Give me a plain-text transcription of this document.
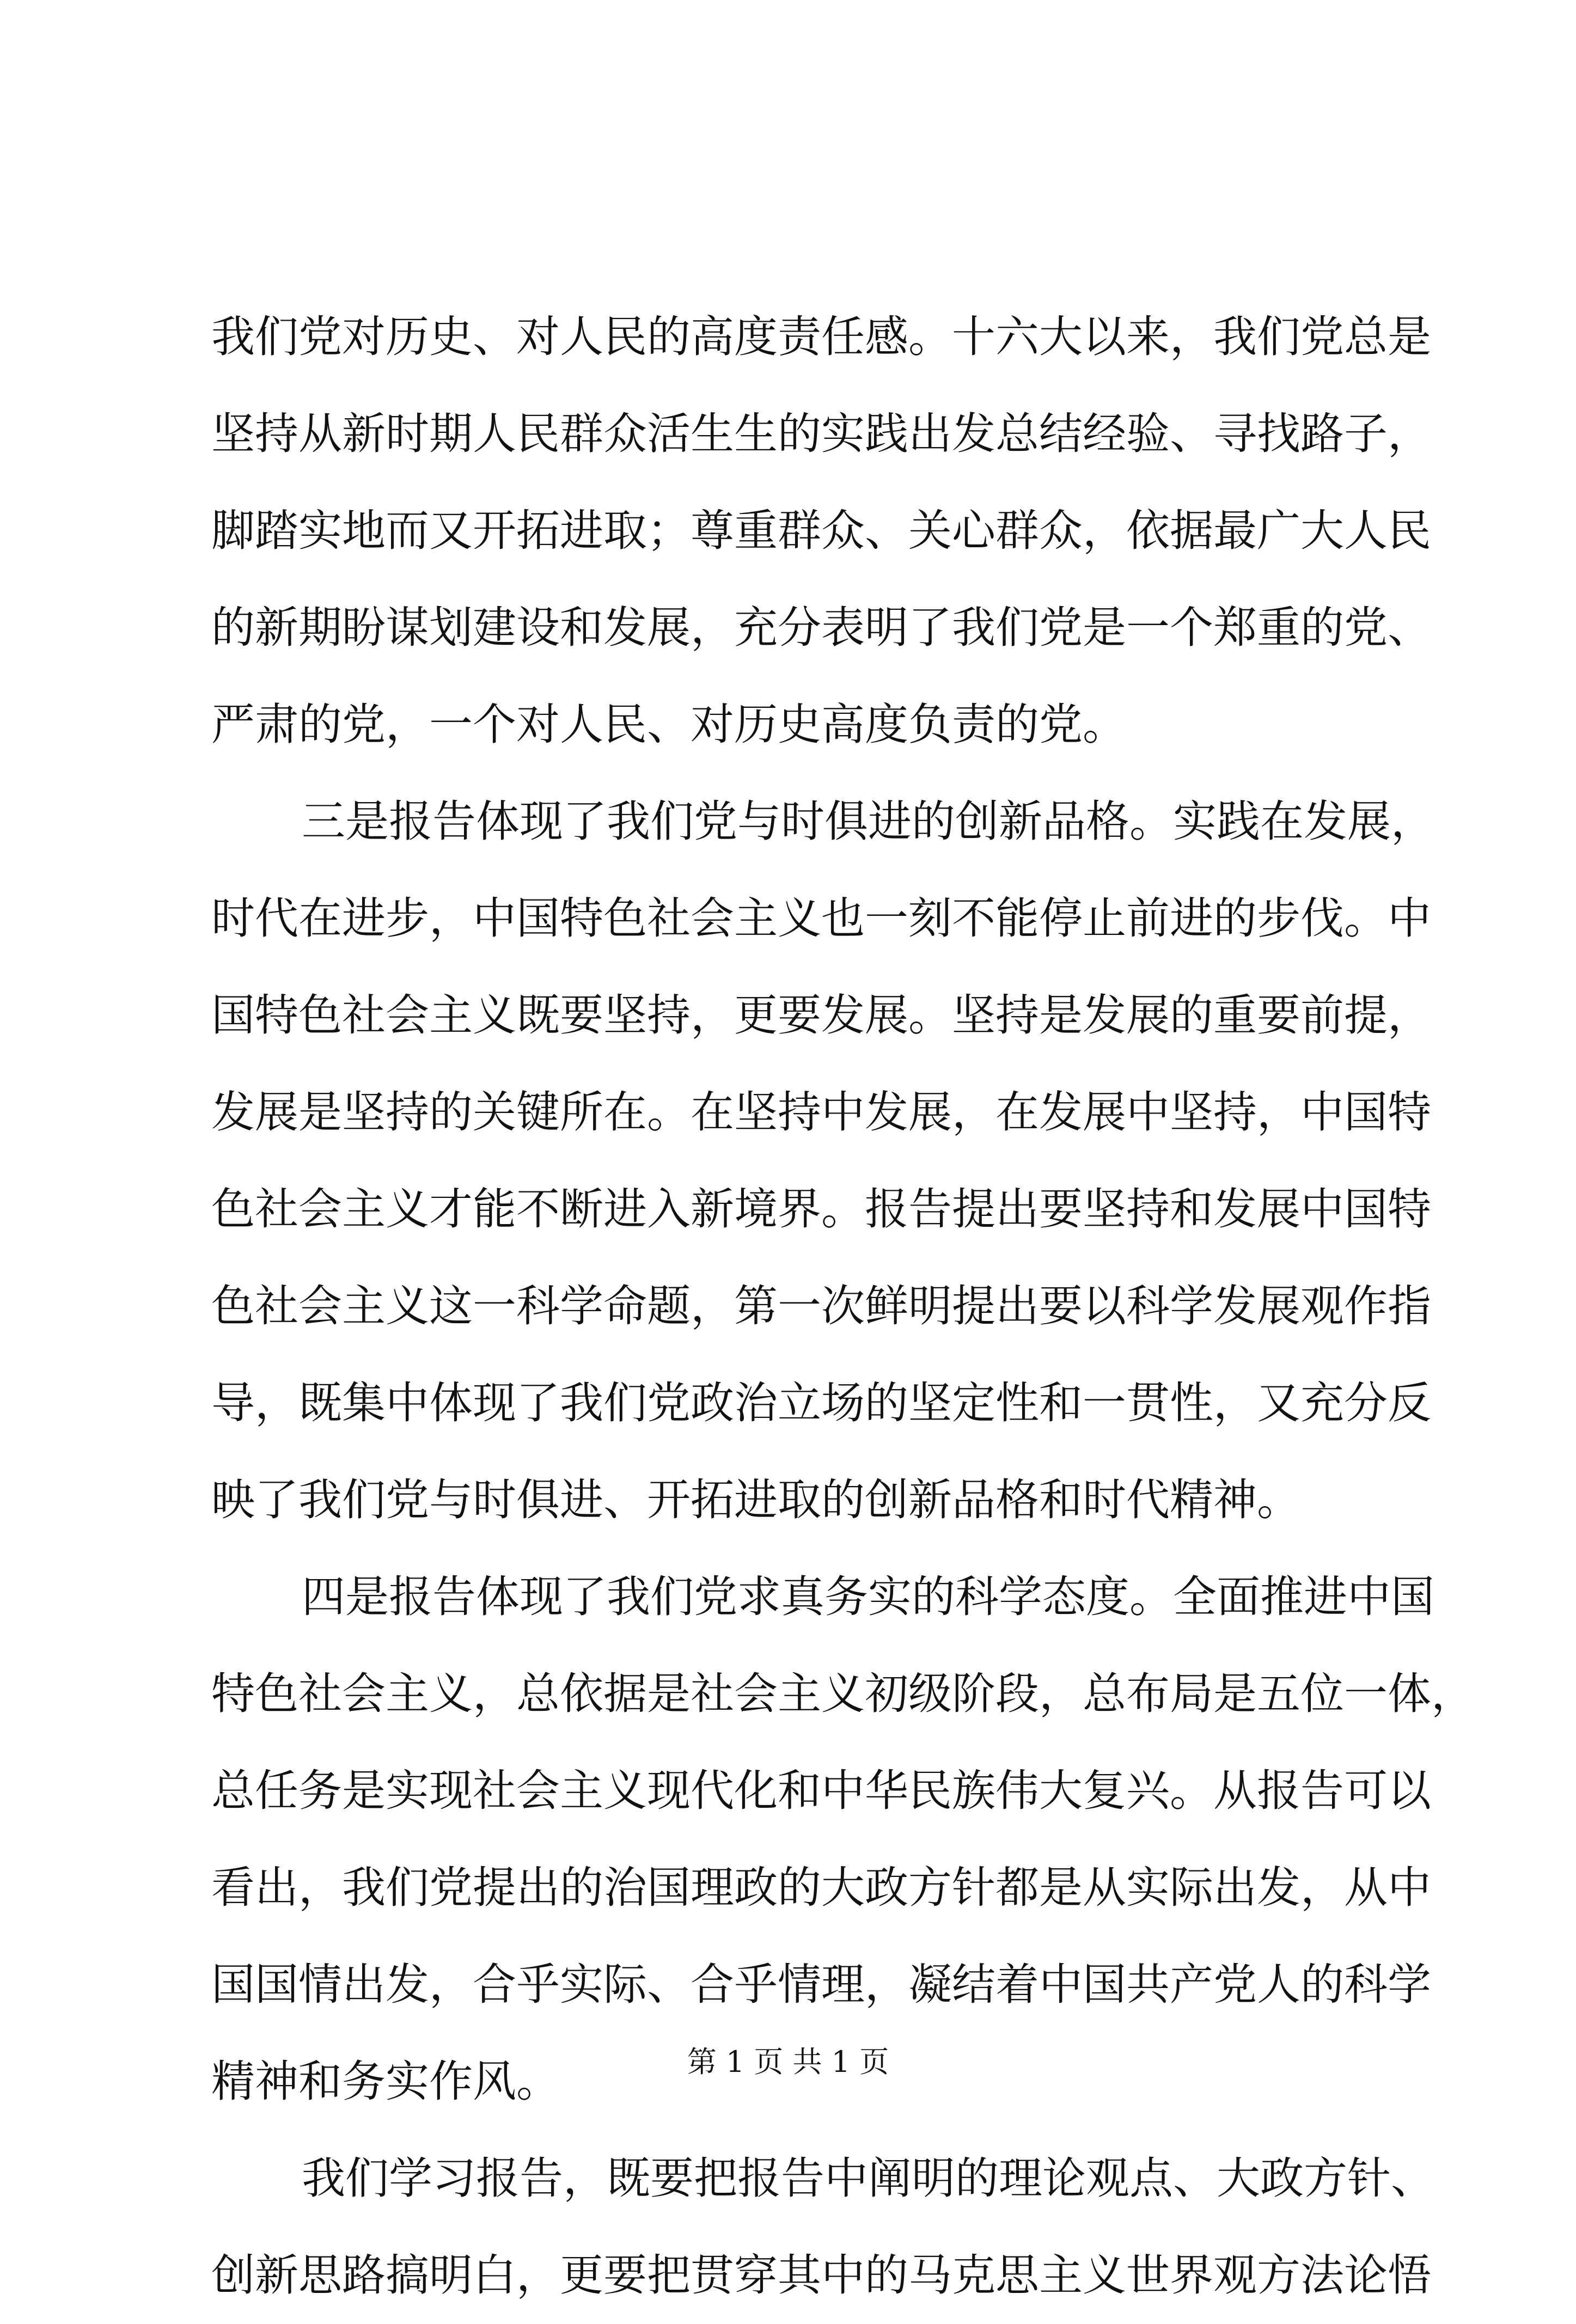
我们党对历史、对人民的高度责任感。十六大以来，我们党总是
坚持从新时期人民群众活生生的实践出发总结经验、寻找路子，
脚踏实地而又开拓进取；尊重群众、关心群众，依据最广大人民
的新期盼谋划建设和发展，充分表明了我们党是一个郑重的党、
严肃的党，一个对人民、对历史高度负责的党。
三是报告体现了我们党与时俱进的创新品格。实践在发展，
时代在进步，中国特色社会主义也一刻不能停止前进的步伐。中
国特色社会主义既要坚持，更要发展。坚持是发展的重要前提，
发展是坚持的关键所在。在坚持中发展，在发展中坚持，中国特
色社会主义才能不断进入新境界。报告提出要坚持和发展中国特
色社会主义这一科学命题，第一次鲜明提出要以科学发展观作指
导，既集中体现了我们党政治立场的坚定性和一贯性，又充分反
映了我们党与时俱进、开拓进取的创新品格和时代精神。
四是报告体现了我们党求真务实的科学态度。全面推进中国
特色社会主义，总依据是社会主义初级阶段，总布局是五位一体，
总任务是实现社会主义现代化和中华民族伟大复兴。从报告可以
看出，我们党提出的治国理政的大政方针都是从实际出发，从中
国国情出发，合乎实际、合乎情理，凝结着中国共产党人的科学
精神和务实作风。
我们学习报告，既要把报告中阐明的理论观点、大政方针、
创新思路搞明白，更要把贯穿其中的马克思主义世界观方法论悟
第 1 页 共 1 页
